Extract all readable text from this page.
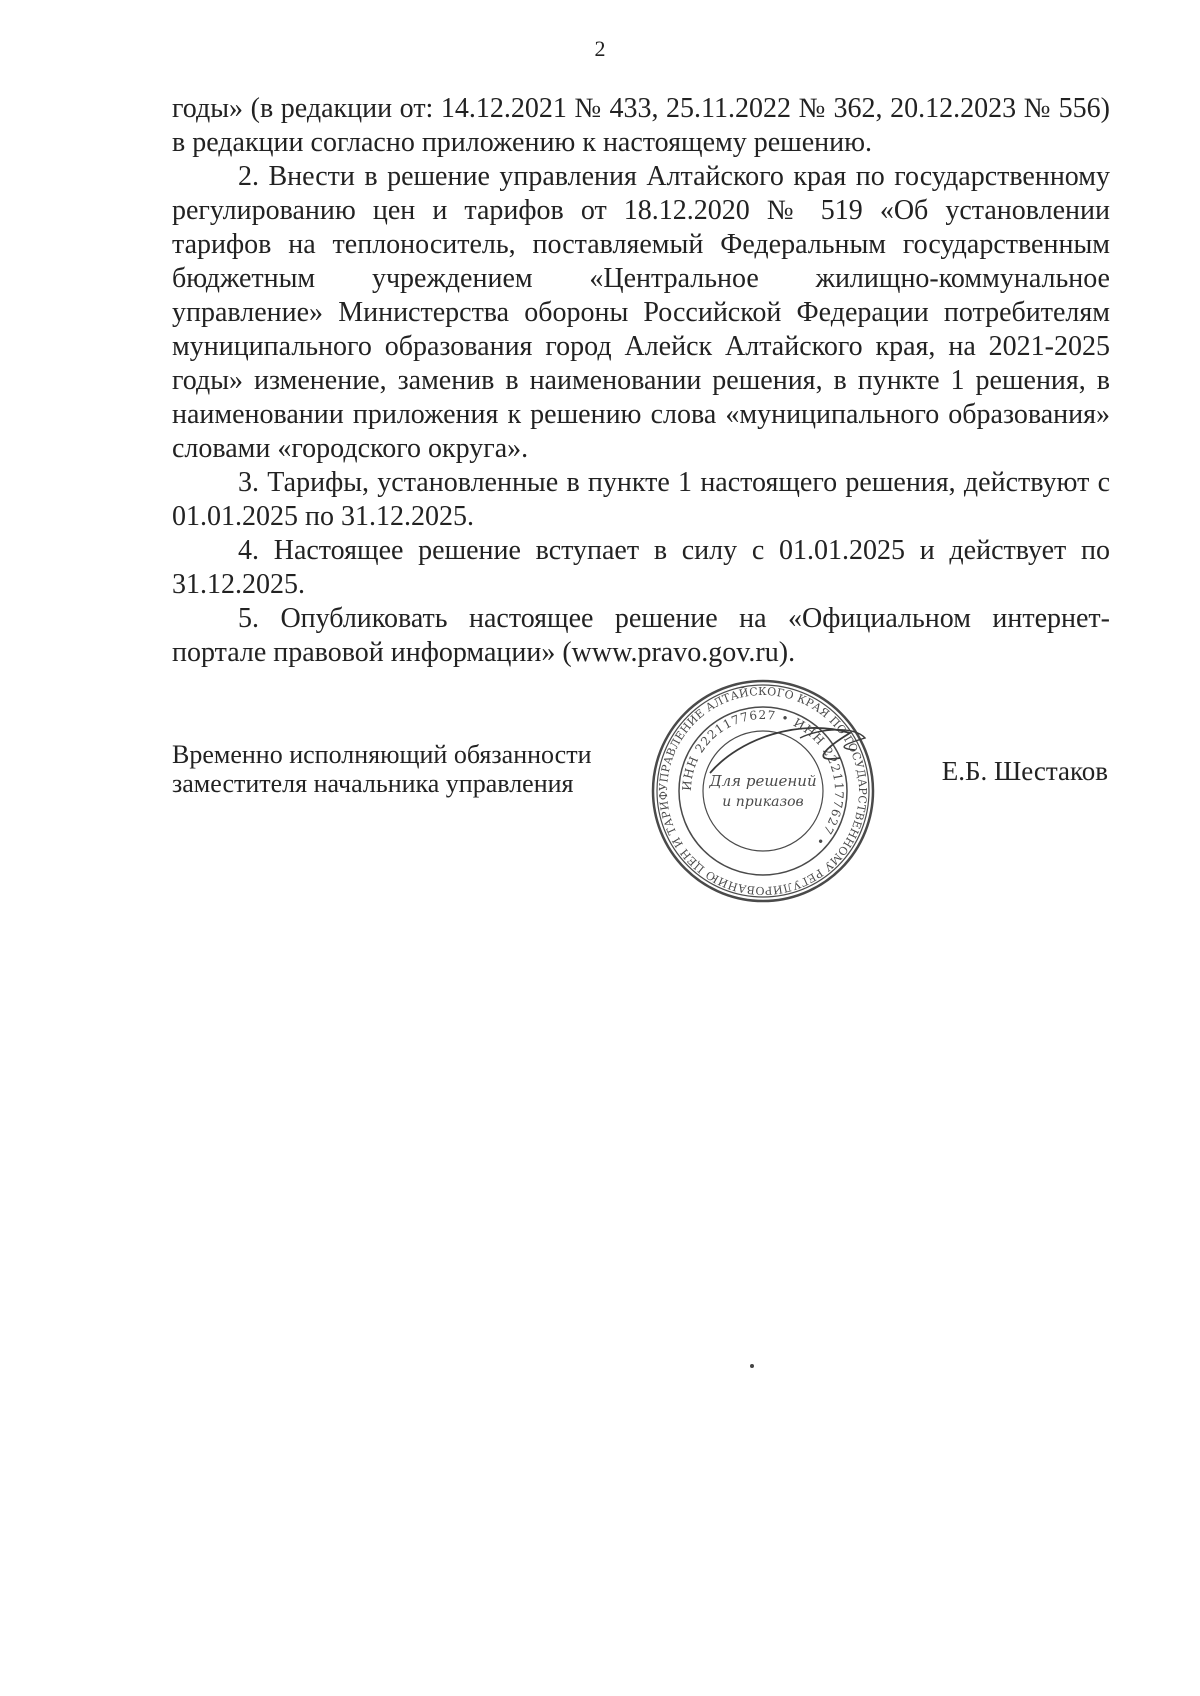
2

годы» (в редакции от: 14.12.2021 № 433, 25.11.2022 № 362, 20.12.2023 № 556) в редакции согласно приложению к настоящему решению.

2. Внести в решение управления Алтайского края по государственному регулированию цен и тарифов от 18.12.2020 № 519 «Об установлении тарифов на теплоноситель, поставляемый Федеральным государственным бюджетным учреждением «Центральное жилищно-коммунальное управление» Министерства обороны Российской Федерации потребителям муниципального образования город Алейск Алтайского края, на 2021-2025 годы» изменение, заменив в наименовании решения, в пункте 1 решения, в наименовании приложения к решению слова «муниципального образования» словами «городского округа».

3. Тарифы, установленные в пункте 1 настоящего решения, действуют с 01.01.2025 по 31.12.2025.

4. Настоящее решение вступает в силу с 01.01.2025 и действует по 31.12.2025.

5. Опубликовать настоящее решение на «Официальном интернет-портале правовой информации» (www.pravo.gov.ru).

Временно исполняющий обязанности
заместителя начальника управления	Е.Б. Шестаков
УПРАВЛЕНИЕ АЛТАЙСКОГО КРАЯ ПО ГОСУДАРСТВЕННОМУ РЕГУЛИРОВАНИЮ ЦЕН И ТАРИФ
ИНН 2221177627 • ИНН 2221177627 •
Для решений
и приказов
